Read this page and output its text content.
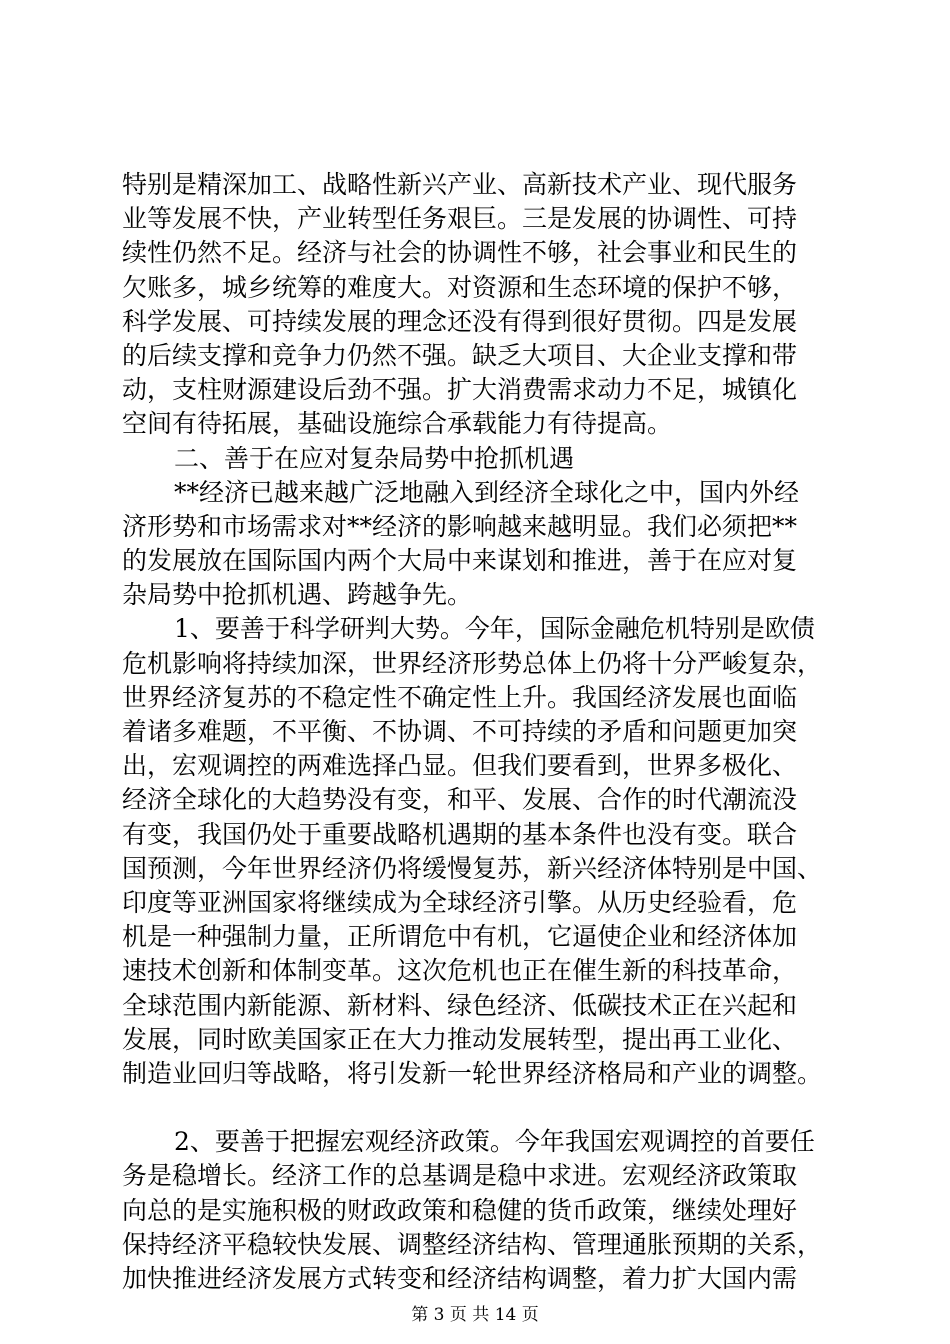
特别是精深加工、战略性新兴产业、高新技术产业、现代服务
业等发展不快，产业转型任务艰巨。三是发展的协调性、可持
续性仍然不足。经济与社会的协调性不够，社会事业和民生的
欠账多，城乡统筹的难度大。对资源和生态环境的保护不够，
科学发展、可持续发展的理念还没有得到很好贯彻。四是发展
的后续支撑和竞争力仍然不强。缺乏大项目、大企业支撑和带
动，支柱财源建设后劲不强。扩大消费需求动力不足，城镇化
空间有待拓展，基础设施综合承载能力有待提高。
二、善于在应对复杂局势中抢抓机遇
**经济已越来越广泛地融入到经济全球化之中，国内外经
济形势和市场需求对**经济的影响越来越明显。我们必须把**
的发展放在国际国内两个大局中来谋划和推进，善于在应对复
杂局势中抢抓机遇、跨越争先。
1、要善于科学研判大势。今年，国际金融危机特别是欧债
危机影响将持续加深，世界经济形势总体上仍将十分严峻复杂，
世界经济复苏的不稳定性不确定性上升。我国经济发展也面临
着诸多难题，不平衡、不协调、不可持续的矛盾和问题更加突
出，宏观调控的两难选择凸显。但我们要看到，世界多极化、
经济全球化的大趋势没有变，和平、发展、合作的时代潮流没
有变，我国仍处于重要战略机遇期的基本条件也没有变。联合
国预测，今年世界经济仍将缓慢复苏，新兴经济体特别是中国、
印度等亚洲国家将继续成为全球经济引擎。从历史经验看，危
机是一种强制力量，正所谓危中有机，它逼使企业和经济体加
速技术创新和体制变革。这次危机也正在催生新的科技革命，
全球范围内新能源、新材料、绿色经济、低碳技术正在兴起和
发展，同时欧美国家正在大力推动发展转型，提出再工业化、
制造业回归等战略，将引发新一轮世界经济格局和产业的调整。
2、要善于把握宏观经济政策。今年我国宏观调控的首要任
务是稳增长。经济工作的总基调是稳中求进。宏观经济政策取
向总的是实施积极的财政政策和稳健的货币政策，继续处理好
保持经济平稳较快发展、调整经济结构、管理通胀预期的关系，
加快推进经济发展方式转变和经济结构调整，着力扩大国内需
第 3 页 共 14 页
